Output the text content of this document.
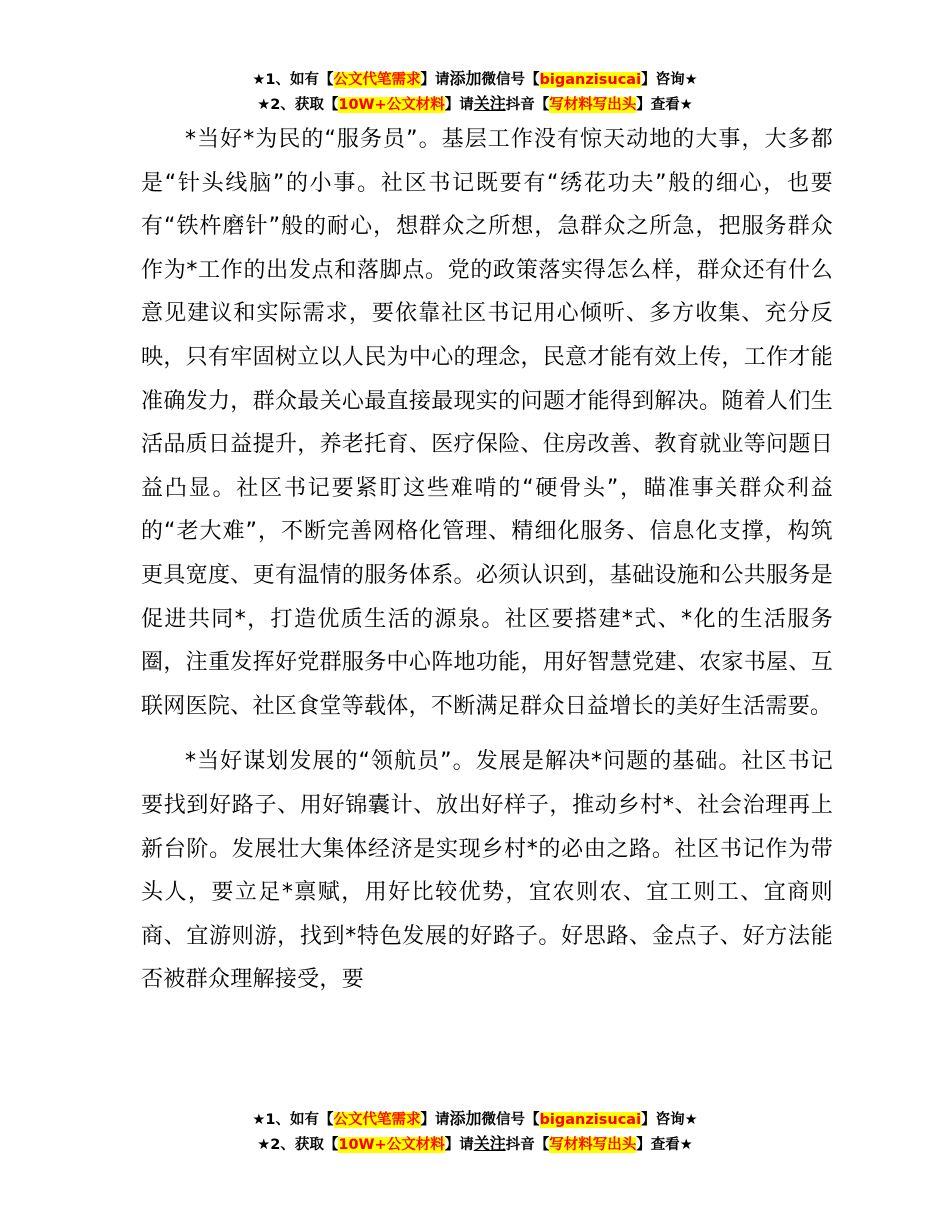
★1、如有【公文代笔需求】请添加微信号【biganzisucai】咨询★
★2、获取【10W+公文材料】请关注抖音【写材料写出头】查看★

*当好*为民的“服务员”。基层工作没有惊天动地的大事，大多都是“针头线脑”的小事。社区书记既要有“绣花功夫”般的细心，也要有“铁杵磨针”般的耐心，想群众之所想，急群众之所急，把服务群众作为*工作的出发点和落脚点。党的政策落实得怎么样，群众还有什么意见建议和实际需求，要依靠社区书记用心倾听、多方收集、充分反映，只有牢固树立以人民为中心的理念，民意才能有效上传，工作才能准确发力，群众最关心最直接最现实的问题才能得到解决。随着人们生活品质日益提升，养老托育、医疗保险、住房改善、教育就业等问题日益凸显。社区书记要紧盯这些难啃的“硬骨头”，瞄准事关群众利益的“老大难”，不断完善网格化管理、精细化服务、信息化支撑，构筑更具宽度、更有温情的服务体系。必须认识到，基础设施和公共服务是促进共同*，打造优质生活的源泉。社区要搭建*式、*化的生活服务圈，注重发挥好党群服务中心阵地功能，用好智慧党建、农家书屋、互联网医院、社区食堂等载体，不断满足群众日益增长的美好生活需要。

*当好谋划发展的“领航员”。发展是解决*问题的基础。社区书记要找到好路子、用好锦囊计、放出好样子，推动乡村*、社会治理再上新台阶。发展壮大集体经济是实现乡村*的必由之路。社区书记作为带头人，要立足*禀赋，用好比较优势，宜农则农、宜工则工、宜商则商、宜游则游，找到*特色发展的好路子。好思路、金点子、好方法能否被群众理解接受，要

★1、如有【公文代笔需求】请添加微信号【biganzisucai】咨询★
★2、获取【10W+公文材料】请关注抖音【写材料写出头】查看★
